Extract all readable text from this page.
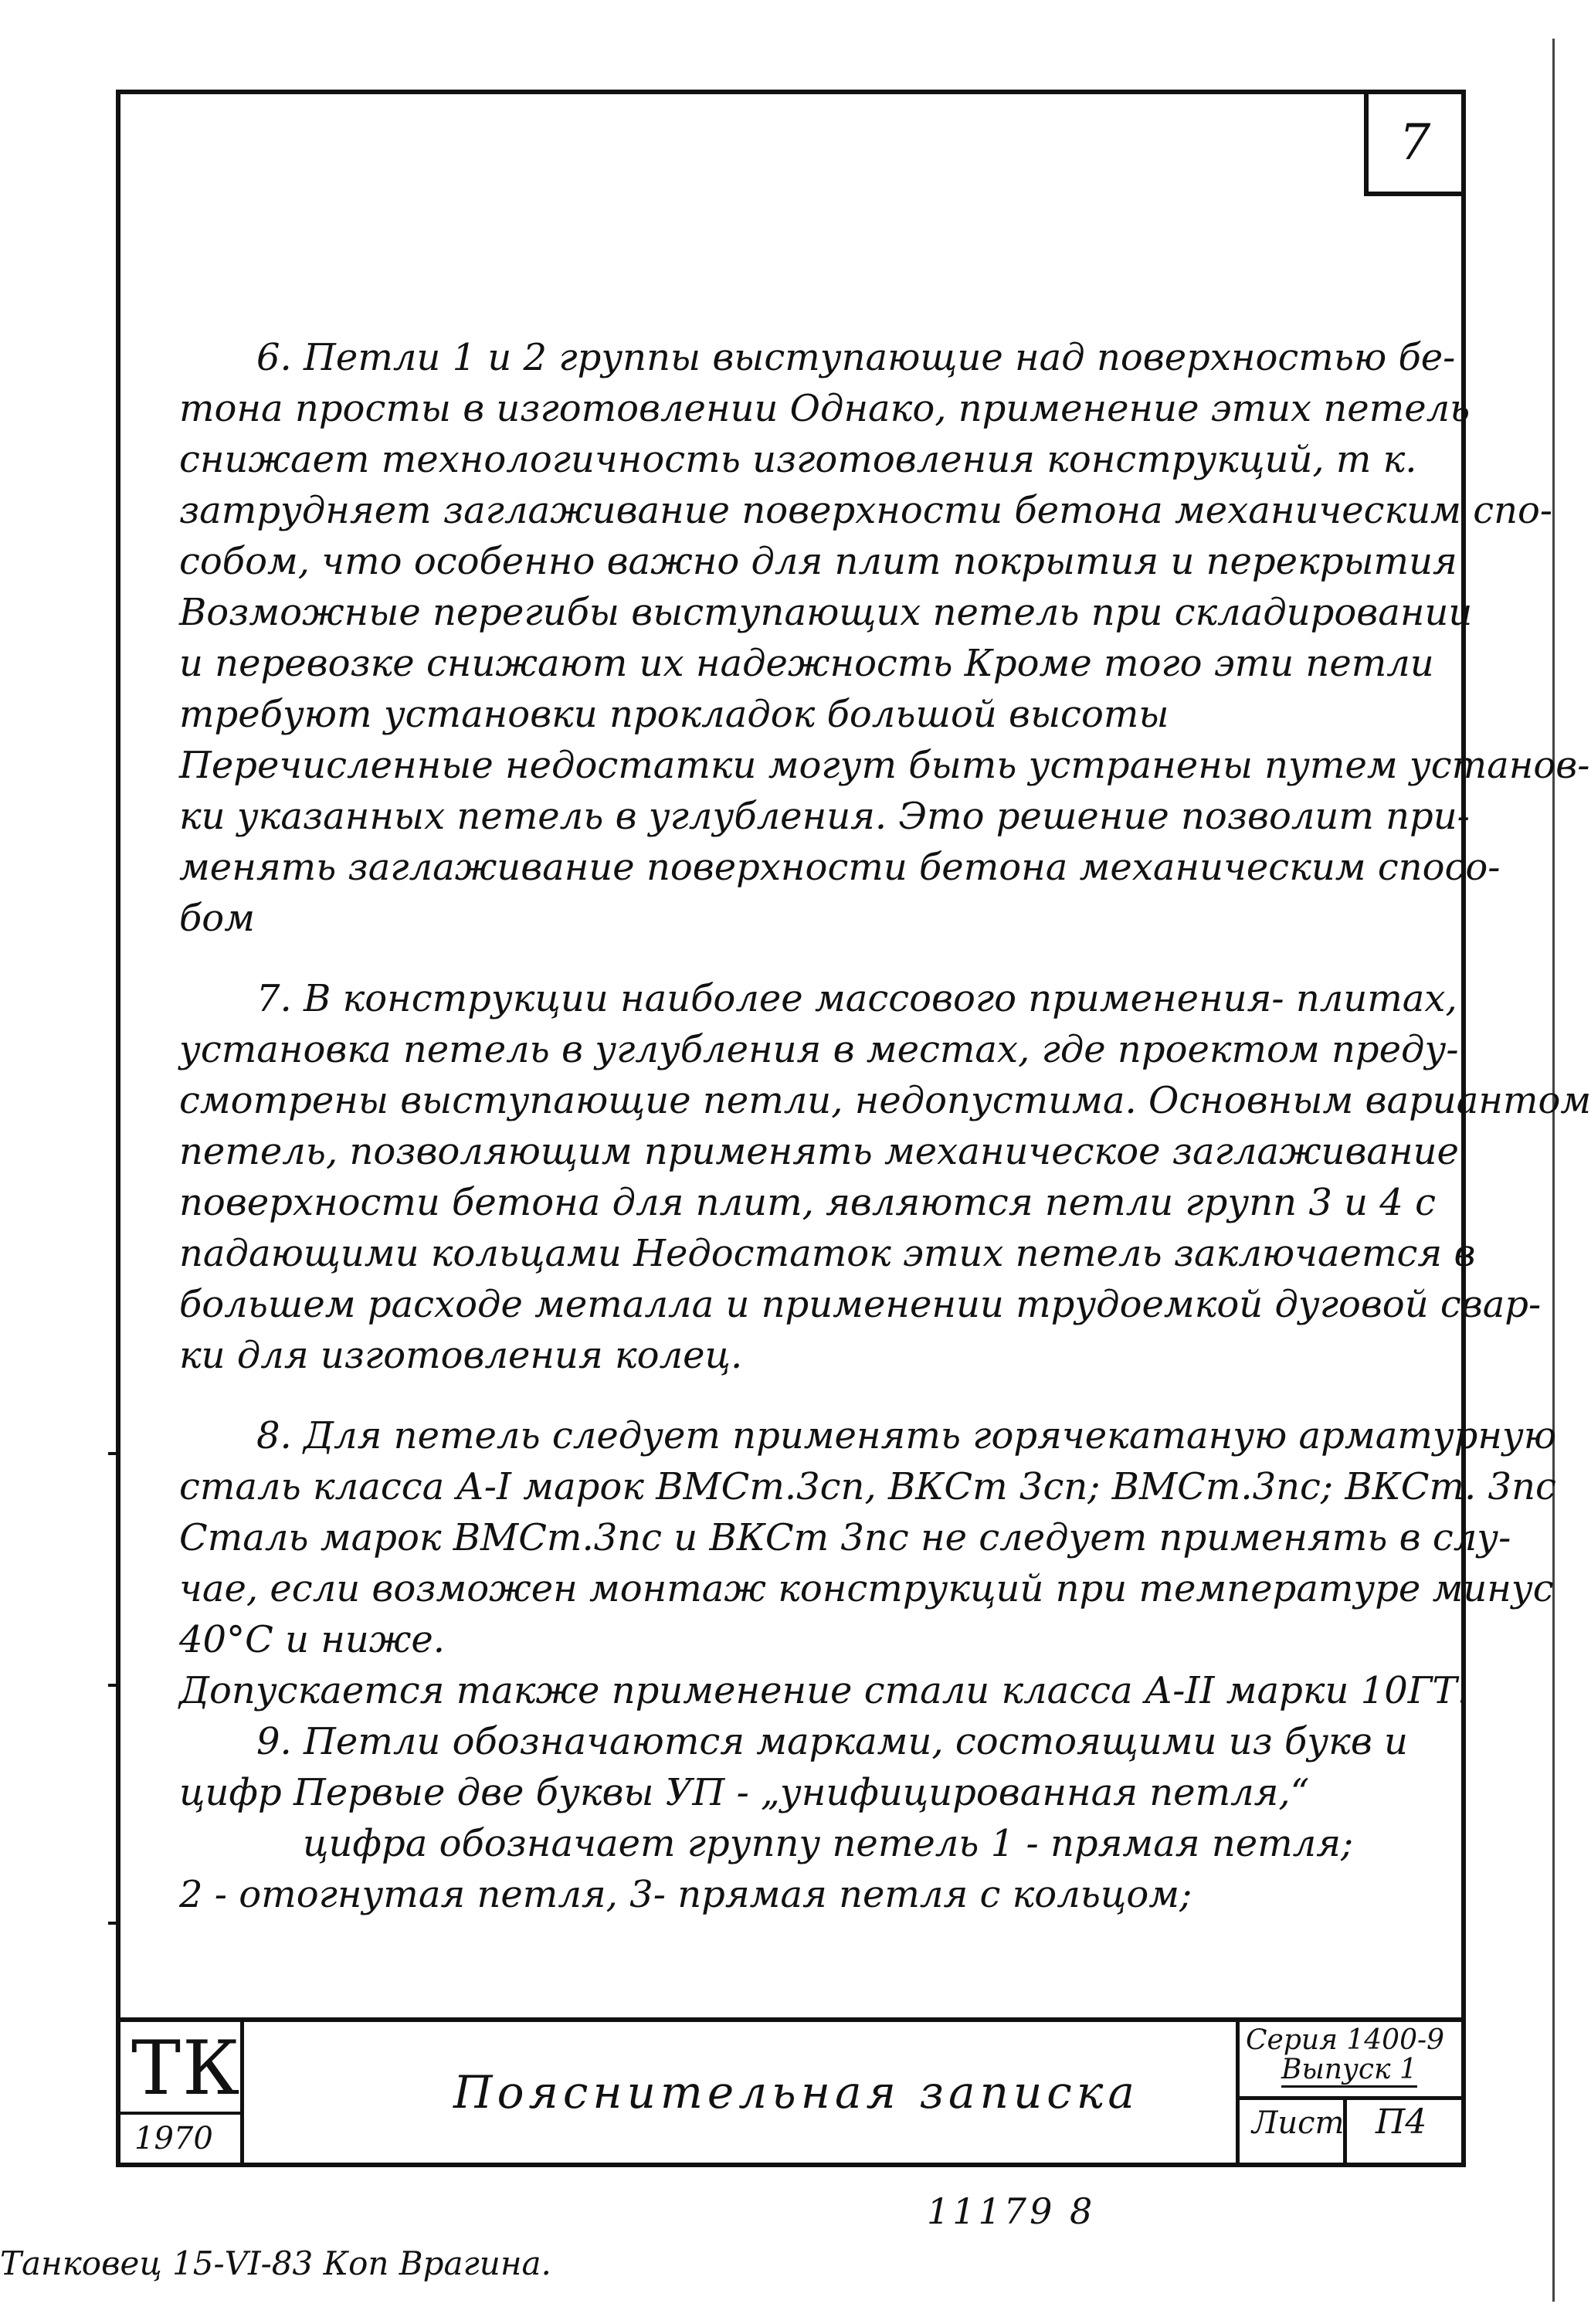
7
6. Петли 1 и 2 группы выступающие над поверхностью бе-
тона просты в изготовлении Однако, применение этих петель
снижает технологичность изготовления конструкций, т к.
затрудняет заглаживание поверхности бетона механическим спо-
собом, что особенно важно для плит покрытия и перекрытия
Возможные перегибы выступающих петель при складировании
и перевозке снижают их надежность Кроме того эти петли
требуют установки прокладок большой высоты
Перечисленные недостатки могут быть устранены путем установ-
ки указанных петель в углубления. Это решение позволит при-
менять заглаживание поверхности бетона механическим спосо-
бом
7. В конструкции наиболее массового применения- плитах,
установка петель в углубления в местах, где проектом преду-
смотрены выступающие петли, недопустима. Основным вариантом
петель, позволяющим применять механическое заглаживание
поверхности бетона для плит, являются петли групп 3 и 4 с
падающими кольцами Недостаток этих петель заключается в
большем расходе металла и применении трудоемкой дуговой свар-
ки для изготовления колец.
8. Для петель следует применять горячекатаную арматурную
сталь класса А-I марок ВМСт.3сп, ВКСт 3сп; ВМСт.3пс; ВКСт. 3пс
Сталь марок ВМСт.3пс и ВКСт 3пс не следует применять в слу-
чае, если возможен монтаж конструкций при температуре минус
40°С и ниже.
Допускается также применение стали класса А-II марки 10ГТ.
9. Петли обозначаются марками, состоящими из букв и
цифр Первые две буквы УП - „унифицированная петля,“
цифра обозначает группу петель 1 - прямая петля;
2 - отогнутая петля, 3- прямая петля с кольцом;
ТК
1970
Пояснительная записка
Серия 1400-9
Выпуск 1
Лист П4
11179 8
Танковец 15-VI-83 Коп Врагина.
